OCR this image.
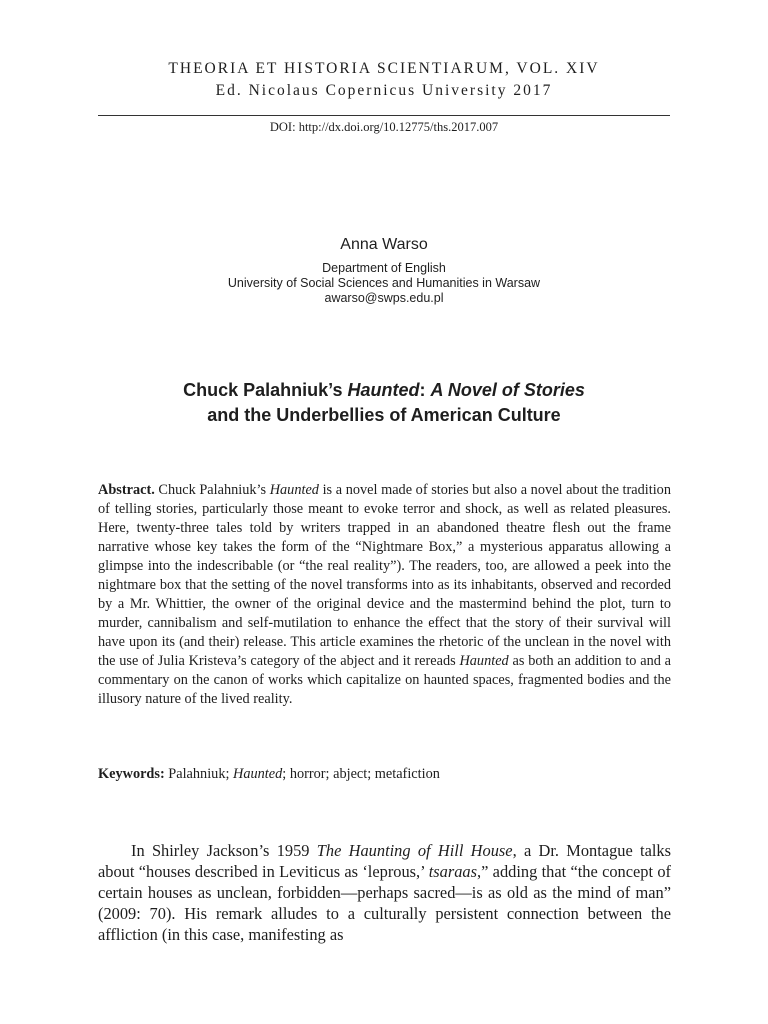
THEORIA ET HISTORIA SCIENTIARUM, VOL. XIV
Ed. Nicolaus Copernicus University 2017
DOI: http://dx.doi.org/10.12775/ths.2017.007
Anna Warso
Department of English
University of Social Sciences and Humanities in Warsaw
awarso@swps.edu.pl
Chuck Palahniuk’s Haunted: A Novel of Stories
and the Underbellies of American Culture
Abstract. Chuck Palahniuk’s Haunted is a novel made of stories but also a novel about the tradition of telling stories, particularly those meant to evoke terror and shock, as well as related pleasures. Here, twenty-three tales told by writers trapped in an abandoned theatre flesh out the frame narrative whose key takes the form of the “Nightmare Box,” a mysterious apparatus allowing a glimpse into the indescribable (or “the real reality”). The readers, too, are allowed a peek into the nightmare box that the setting of the novel transforms into as its inhabitants, observed and recorded by a Mr. Whittier, the owner of the original device and the mastermind behind the plot, turn to murder, cannibalism and self-mutilation to enhance the effect that the story of their survival will have upon its (and their) release. This article examines the rhetoric of the unclean in the novel with the use of Julia Kristeva’s category of the abject and it rereads Haunted as both an addition to and a commentary on the canon of works which capitalize on haunted spaces, fragmented bodies and the illusory nature of the lived reality.
Keywords: Palahniuk; Haunted; horror; abject; metafiction

In Shirley Jackson’s 1959 The Haunting of Hill House, a Dr. Montague talks about “houses described in Leviticus as ‘leprous,’ tsaraas,” adding that “the concept of certain houses as unclean, forbidden—perhaps sacred—is as old as the mind of man” (2009: 70). His remark alludes to a culturally persistent connection between the affliction (in this case, manifesting as
